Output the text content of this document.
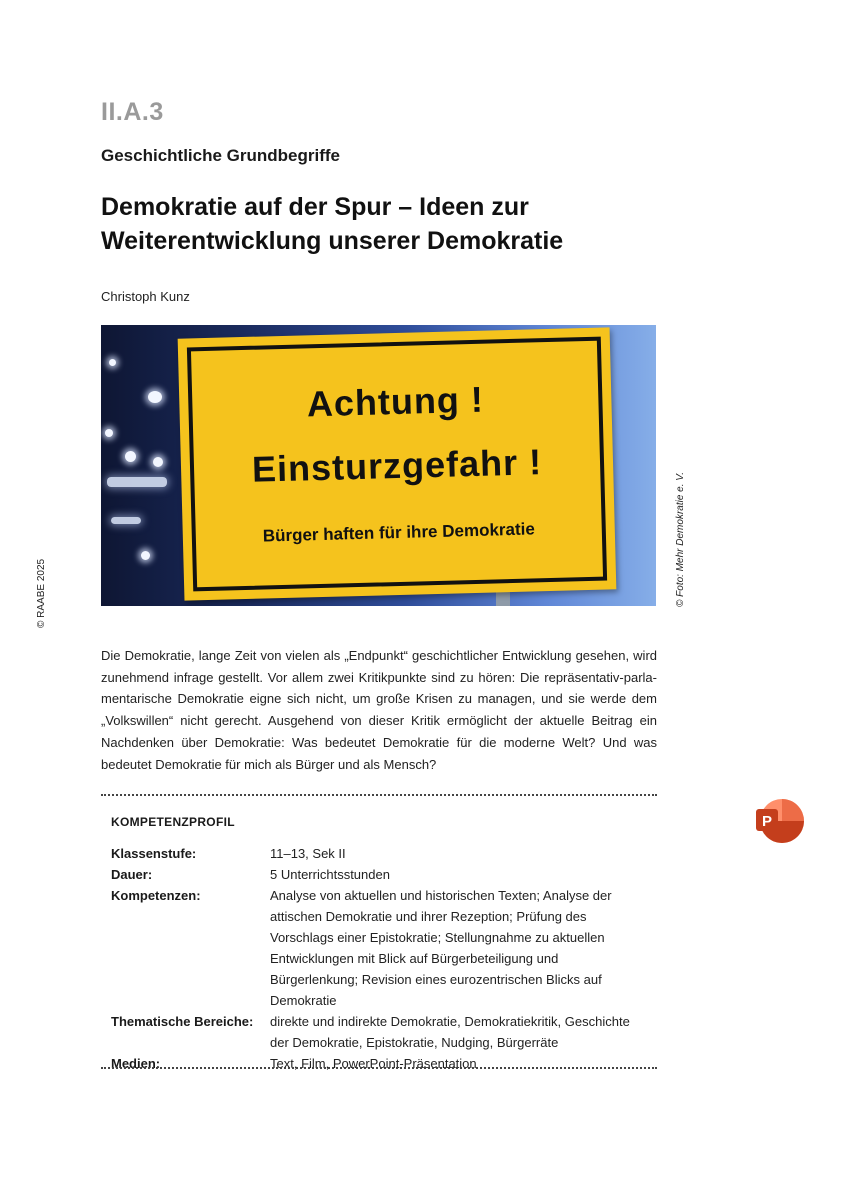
II.A.3
Geschichtliche Grundbegriffe
Demokratie auf der Spur – Ideen zur
Weiterentwicklung unserer Demokratie
Christoph Kunz
Achtung !
Einsturzgefahr !
Bürger haften für ihre Demokratie	© Foto: Mehr Demokratie e. V.
© RAABE 2025
Die Demokratie, lange Zeit von vielen als „Endpunkt“ geschichtlicher Entwicklung gesehen, wird zunehmend infrage gestellt. Vor allem zwei Kritikpunkte sind zu hören: Die repräsentativ-parlamentarische Demokratie eigne sich nicht, um große Krisen zu managen, und sie werde dem „Volkswillen“ nicht gerecht. Ausgehend von dieser Kritik ermöglicht der aktuelle Beitrag ein Nachdenken über Demokratie: Was bedeutet Demokratie für die moderne Welt? Und was bedeutet Demokratie für mich als Bürger und als Mensch?
KOMPETENZPROFIL
Klassenstufe:	11–13, Sek II
Dauer:	5 Unterrichtsstunden
Kompetenzen:	Analyse von aktuellen und historischen Texten; Analyse der attischen Demokratie und ihrer Rezeption; Prüfung des Vorschlags einer Epistokratie; Stellungnahme zu aktuellen Entwicklungen mit Blick auf Bürgerbeteiligung und Bürgerlenkung; Revision eines eurozentrischen Blicks auf Demokratie
Thematische Bereiche:	direkte und indirekte Demokratie, Demokratiekritik, Geschichte der Demokratie, Epistokratie, Nudging, Bürgerräte
Medien:	Text, Film, PowerPoint-Präsentation
P
